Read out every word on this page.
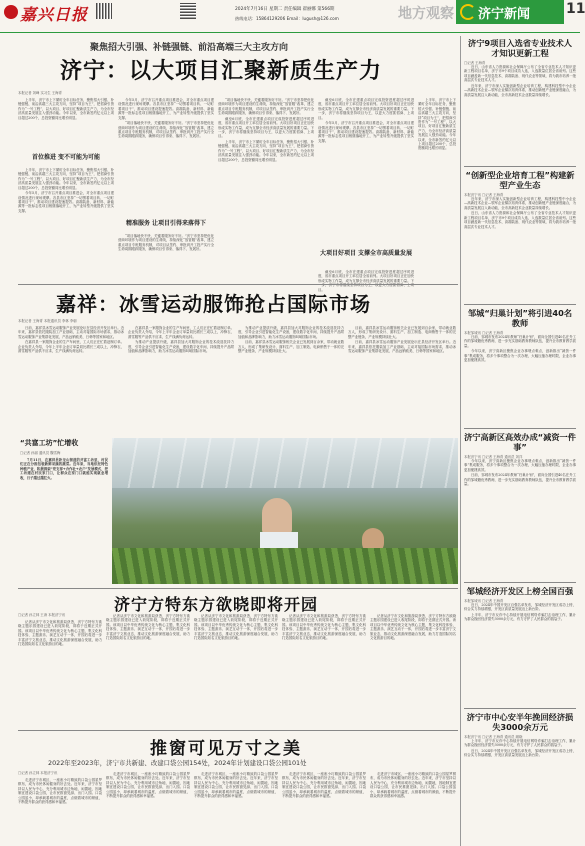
嘉兴日报	2024年7月16日 星期二 责任编辑 翟丽娜 第566期
热线电话：15864129206 Email：lugush@126.com	地方观察 济宁新闻	11
聚焦招大引强、补链强链、前沿高端三大主攻方向
济宁：以大项目汇聚新质生产力
本报记者 刘峰 实习生 王海青

上半年，济宁市上下紧盯全年目标任务，聚焦招大引强、补链强链、前沿高端三大主攻方向，坚持“项目为王”，把招商引资作为“一号工程”，以大项目、好项目汇聚新质生产力，为全市经济高质量发展注入强劲动能。今年以来，全市新签约亿元以上项目超过200个，总投资额同比增长明显。

首位推进 变不可能为可能

上半年，济宁市上下紧盯全年目标任务，聚焦招大引强、补链强链、前沿高端三大主攻方向，坚持“项目为王”，把招商引资作为“一号工程”，以大项目、好项目汇聚新质生产力，为全市经济高质量发展注入强劲动能。今年以来，全市新签约亿元以上项目超过200个，总投资额同比增长明显。

今年5月，济宁市召开重点项目推进会，对全市重点项目建设情况进行现场观摩。各县市区坚持“一切围着项目转、一切盯着项目干”，推动项目建设提速提效。高端装备、新材料、新能源等一批标志性项目相继落地开工，为产业转型升级提供了坚实支撑。

今年5月，济宁市召开重点项目推进会，对全市重点项目建设情况进行现场观摩。各县市区坚持“一切围着项目转、一切盯着项目干”，推动项目建设提速提效。高端装备、新材料、新能源等一批标志性项目相继落地开工，为产业转型升级提供了坚实支撑。

“项目落地快不快，关键看服务好不好。”济宁市坚持把优化营商环境作为项目建设的生命线，持续深化“放管服”改革，建立重点项目专班服务机制，对项目从签约、审批到开工投产实行全生命周期跟踪服务，确保项目引得来、落得下、发展好。

精准服务 让项目引得来落得下

“项目落地快不快，关键看服务好不好。”济宁市坚持把优化营商环境作为项目建设的生命线，持续深化“放管服”改革，建立重点项目专班服务机制，对项目从签约、审批到开工投产实行全生命周期跟踪服务，确保项目引得来、落得下、发展好。

“项目落地快不快，关键看服务好不好。”济宁市坚持把优化营商环境作为项目建设的生命线，持续深化“放管服”改革，建立重点项目专班服务机制，对项目从签约、审批到开工投产实行全生命周期跟踪服务，确保项目引得来、落得下、发展好。

截至6月底，全市在建重点项目完成投资进度超过序时进度，省市重点项目开工率位居全省前列。大项目好项目正在加快形成实物工作量，成为支撑全市经济高质量发展的重要力量。下一步，济宁市将继续坚持项目为王，以更大力度抓招商、上项目。

上半年，济宁市上下紧盯全年目标任务，聚焦招大引强、补链强链、前沿高端三大主攻方向，坚持“项目为王”，把招商引资作为“一号工程”，以大项目、好项目汇聚新质生产力，为全市经济高质量发展注入强劲动能。今年以来，全市新签约亿元以上项目超过200个，总投资额同比增长明显。

截至6月底，全市在建重点项目完成投资进度超过序时进度，省市重点项目开工率位居全省前列。大项目好项目正在加快形成实物工作量，成为支撑全市经济高质量发展的重要力量。下一步，济宁市将继续坚持项目为王，以更大力度抓招商、上项目。

今年5月，济宁市召开重点项目推进会，对全市重点项目建设情况进行现场观摩。各县市区坚持“一切围着项目转、一切盯着项目干”，推动项目建设提速提效。高端装备、新材料、新能源等一批标志性项目相继落地开工，为产业转型升级提供了坚实支撑。

大项目好项目 支撑全市高质量发展

截至6月底，全市在建重点项目完成投资进度超过序时进度，省市重点项目开工率位居全省前列。大项目好项目正在加快形成实物工作量，成为支撑全市经济高质量发展的重要力量。下一步，济宁市将继续坚持项目为王，以更大力度抓招商、上项目。

上半年，济宁市上下紧盯全年目标任务，聚焦招大引强、补链强链、前沿高端三大主攻方向，坚持“项目为王”，把招商引资作为“一号工程”，以大项目、好项目汇聚新质生产力，为全市经济高质量发展注入强劲动能。今年以来，全市新签约亿元以上项目超过200个，总投资额同比增长明显。

嘉祥：冰雪运动服饰抢占国际市场
本报记者 王海青 本报通讯员 李林 李朝

日前，嘉祥县冰雪运动服饰产业发展论坛在县经济开发区举行。近年来，嘉祥县依托服装加工产业基础，主动对接国际市场需求，推动冰雪运动服饰产业集群化发展，产品远销欧美、日韩等国家和地区。

在嘉祥县一家服饰企业的生产车间里，工人们正在忙着赶制订单。企业负责人介绍，今年上半年企业订单量同比增长三成以上，冲锋衣、滑雪服等产品供不应求，生产线满负荷运转。

在嘉祥县一家服饰企业的生产车间里，工人们正在忙着赶制订单。企业负责人介绍，今年上半年企业订单量同比增长三成以上，冲锋衣、滑雪服等产品供不应求，生产线满负荷运转。

为推动产业提质升级，嘉祥县加大对服饰企业的技术改造扶持力度，引导企业引进智能化生产设备，建设数字化车间，持续提升产品附加值和品牌影响力，助力冰雪运动服饰叫响国际市场。

为推动产业提质升级，嘉祥县加大对服饰企业的技术改造扶持力度，引导企业引进智能化生产设备，建设数字化车间，持续提升产品附加值和品牌影响力，助力冰雪运动服饰叫响国际市场。

目前，嘉祥县冰雪运动服饰相关企业已发展到百余家，带动就业数万人，形成了集研发设计、面料生产、加工制造、电商销售于一体的完整产业链条，产业规模持续壮大。

目前，嘉祥县冰雪运动服饰相关企业已发展到百余家，带动就业数万人，形成了集研发设计、面料生产、加工制造、电商销售于一体的完整产业链条，产业规模持续壮大。

日前，嘉祥县冰雪运动服饰产业发展论坛在县经济开发区举行。近年来，嘉祥县依托服装加工产业基础，主动对接国际市场需求，推动冰雪运动服饰产业集群化发展，产品远销欧美、日韩等国家和地区。

“共富工坊”忙增收
□记者 孙丽 通讯员 魏雪梅

7月11日，在嘉祥县卧龙山街道的共富工坊里，村民们正在分拣包装新鲜采摘的蔬菜。近年来，当地依托特色种植产业，积极探索“党支部+合作社+农户”发展模式，把工坊建在村民家门口，让群众在家门口就能实现就业增收，日子越过越红火。

济宁方特东方欲晓即将开园
□记者 孙立林 王涛 本报济宁讯

记者从济宁市文化和旅游局获悉，济宁方特东方欲晓主题乐园建设已进入收尾阶段，即将于近期正式开园。该项目以中华优秀传统文化为核心主题，集文化科技体验、主题游乐、演艺互动于一体，开园后将进一步丰富济宁文旅业态，推动文化旅游深度融合发展，助力打造国际知名文化旅游目的地。

记者从济宁市文化和旅游局获悉，济宁方特东方欲晓主题乐园建设已进入收尾阶段，即将于近期正式开园。该项目以中华优秀传统文化为核心主题，集文化科技体验、主题游乐、演艺互动于一体，开园后将进一步丰富济宁文旅业态，推动文化旅游深度融合发展，助力打造国际知名文化旅游目的地。

记者从济宁市文化和旅游局获悉，济宁方特东方欲晓主题乐园建设已进入收尾阶段，即将于近期正式开园。该项目以中华优秀传统文化为核心主题，集文化科技体验、主题游乐、演艺互动于一体，开园后将进一步丰富济宁文旅业态，推动文化旅游深度融合发展，助力打造国际知名文化旅游目的地。

记者从济宁市文化和旅游局获悉，济宁方特东方欲晓主题乐园建设已进入收尾阶段，即将于近期正式开园。该项目以中华优秀传统文化为核心主题，集文化科技体验、主题游乐、演艺互动于一体，开园后将进一步丰富济宁文旅业态，推动文化旅游深度融合发展，助力打造国际知名文化旅游目的地。

记者从济宁市文化和旅游局获悉，济宁方特东方欲晓主题乐园建设已进入收尾阶段，即将于近期正式开园。该项目以中华优秀传统文化为核心主题，集文化科技体验、主题游乐、演艺互动于一体，开园后将进一步丰富济宁文旅业态，推动文化旅游深度融合发展，助力打造国际知名文化旅游目的地。

推窗可见万寸之美
2022年至2023年，济宁市共新建、改建口袋公园154处，2024年计划建设口袋公园101处
□记者 孙立林 本报济宁讯

走进济宁市城区，一座座小巧精致的口袋公园星罗棋布，成为市民休闲健身的好去处。近年来，济宁市坚持以人民为中心，充分利用城市边角地、闲置地，因地制宜建设口袋公园，让市民推窗见绿、出门入园。口袋公园虽小，却承载着城市的温度，点缀着城市的颜值，不断提升群众的获得感和幸福感。

走进济宁市城区，一座座小巧精致的口袋公园星罗棋布，成为市民休闲健身的好去处。近年来，济宁市坚持以人民为中心，充分利用城市边角地、闲置地，因地制宜建设口袋公园，让市民推窗见绿、出门入园。口袋公园虽小，却承载着城市的温度，点缀着城市的颜值，不断提升群众的获得感和幸福感。

走进济宁市城区，一座座小巧精致的口袋公园星罗棋布，成为市民休闲健身的好去处。近年来，济宁市坚持以人民为中心，充分利用城市边角地、闲置地，因地制宜建设口袋公园，让市民推窗见绿、出门入园。口袋公园虽小，却承载着城市的温度，点缀着城市的颜值，不断提升群众的获得感和幸福感。

走进济宁市城区，一座座小巧精致的口袋公园星罗棋布，成为市民休闲健身的好去处。近年来，济宁市坚持以人民为中心，充分利用城市边角地、闲置地，因地制宜建设口袋公园，让市民推窗见绿、出门入园。口袋公园虽小，却承载着城市的温度，点缀着城市的颜值，不断提升群众的获得感和幸福感。

走进济宁市城区，一座座小巧精致的口袋公园星罗棋布，成为市民休闲健身的好去处。近年来，济宁市坚持以人民为中心，充分利用城市边角地、闲置地，因地制宜建设口袋公园，让市民推窗见绿、出门入园。口袋公园虽小，却承载着城市的温度，点缀着城市的颜值，不断提升群众的获得感和幸福感。

济宁9项目入选省专业技术人才知识更新工程
□记者 王海青

近日，山东省人力资源和社会保障厅公布了全省专业技术人才知识更新工程项目名单，济宁市9个项目成功入选，入选数量位居全省前列。这些项目涵盖新一代信息技术、高端装备、现代农业等领域，将为我市培养一批高层次专业技术人才。

近年来，济宁市深入实施创新型企业培育工程，构建科技型中小企业—高新技术企业—领军企业梯次培育体系，推动创新链产业链深度融合，为高质量发展注入新动能，全市高新技术企业数量持续增长。

“创新型企业培育工程”构建新型产业生态
本报济宁讯 □记者 王海青

近年来，济宁市深入实施创新型企业培育工程，构建科技型中小企业—高新技术企业—领军企业梯次培育体系，推动创新链产业链深度融合，为高质量发展注入新动能，全市高新技术企业数量持续增长。

近日，山东省人力资源和社会保障厅公布了全省专业技术人才知识更新工程项目名单，济宁市9个项目成功入选，入选数量位居全省前列。这些项目涵盖新一代信息技术、高端装备、现代农业等领域，将为我市培养一批高层次专业技术人才。

邹城“归巢计划”将引进40名教师
本报邹城讯 □记者 王海青

日前，邹城市发布2024年教师“归巢计划”，面向全国引进40名在外工作的邹城籍优秀教师，进一步充实基础教育教师队伍，提升全市教育教学质量。

今年以来，济宁高新区聚焦企业办事堵点难点，创新推出“减资一件事”集成服务，将多个事项整合为一次办理，大幅压缩办理时限，企业办事更加便捷高效。

济宁高新区高效办成“减资一件事”
本报济宁讯 □记者 王海青 通讯员 刘洋

今年以来，济宁高新区聚焦企业办事堵点难点，创新推出“减资一件事”集成服务，将多个事项整合为一次办理，大幅压缩办理时限，企业办事更加便捷高效。

日前，邹城市发布2024年教师“归巢计划”，面向全国引进40名在外工作的邹城籍优秀教师，进一步充实基础教育教师队伍，提升全市教育教学质量。

邹城经济开发区上榜全国百强
本报邹城讯 □记者 王海青

近日，2024年中国开发区百强名单发布，邹城经济开发区成功上榜，综合实力持续增强，开发区高质量发展迈上新台阶。

上半年，济宁市反诈中心持续开展电信网络诈骗打击治理工作，累计为群众挽回经济损失3000余万元，有力守护了人民群众的钱袋子。

济宁市中心安半年挽回经济损失3000余万元
本报济宁讯 □记者 王海青 通讯员 顾晓

上半年，济宁市反诈中心持续开展电信网络诈骗打击治理工作，累计为群众挽回经济损失3000余万元，有力守护了人民群众的钱袋子。

近日，2024年中国开发区百强名单发布，邹城经济开发区成功上榜，综合实力持续增强，开发区高质量发展迈上新台阶。
